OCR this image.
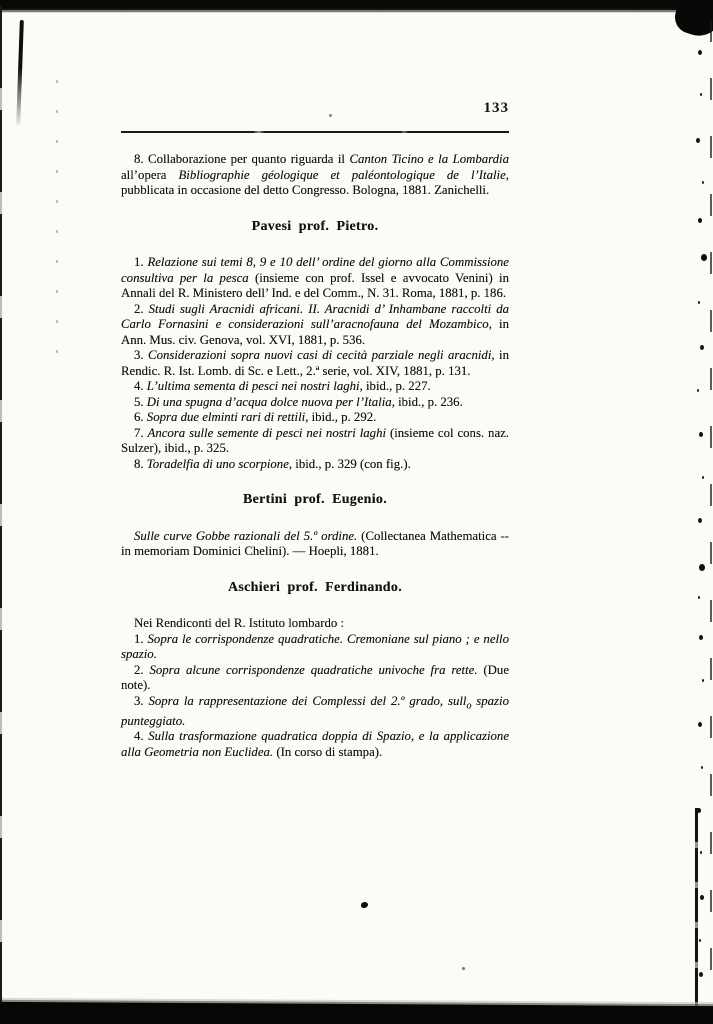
133
8. Collaborazione per quanto riguarda il Canton Ticino e la Lombardia all’opera Bibliographie géologique et paléontologique de l’Italie, pubblicata in occasione del detto Congresso. Bologna, 1881. Zanichelli.
Pavesi prof. Pietro.
1. Relazione sui temi 8, 9 e 10 dell’ ordine del giorno alla Commissione consultiva per la pesca (insieme con prof. Issel e avvocato Venini) in Annali del R. Ministero dell’ Ind. e del Comm., N. 31. Roma, 1881, p. 186.
2. Studi sugli Aracnidi africani. II. Aracnidi d’ Inhambane raccolti da Carlo Fornasini e considerazioni sull’aracnofauna del Mozambico, in Ann. Mus. civ. Genova, vol. XVI, 1881, p. 536.
3. Considerazioni sopra nuovi casi di cecità parziale negli aracnidi, in Rendic. R. Ist. Lomb. di Sc. e Lett., 2.ª serie, vol. XIV, 1881, p. 131.
4. L’ultima sementa di pesci nei nostri laghi, ibid., p. 227.
5. Di una spugna d’acqua dolce nuova per l’Italia, ibid., p. 236.
6. Sopra due elminti rari di rettili, ibid., p. 292.
7. Ancora sulle semente di pesci nei nostri laghi (insieme col cons. naz. Sulzer), ibid., p. 325.
8. Toradelfia di uno scorpione, ibid., p. 329 (con fig.).
Bertini prof. Eugenio.
Sulle curve Gobbe razionali del 5.º ordine. (Collectanea Mathematica -- in memoriam Dominici Chelini). — Hoepli, 1881.
Aschieri prof. Ferdinando.
Nei Rendiconti del R. Istituto lombardo :
1. Sopra le corrispondenze quadratiche. Cremoniane sul piano ; e nello spazio.
2. Sopra alcune corrispondenze quadratiche univoche fra rette. (Due note).
3. Sopra la rappresentazione dei Complessi del 2.º grado, sull$_o$ spazio punteggiato.
4. Sulla trasformazione quadratica doppia di Spazio, e la applicazione alla Geometria non Euclidea. (In corso di stampa).
